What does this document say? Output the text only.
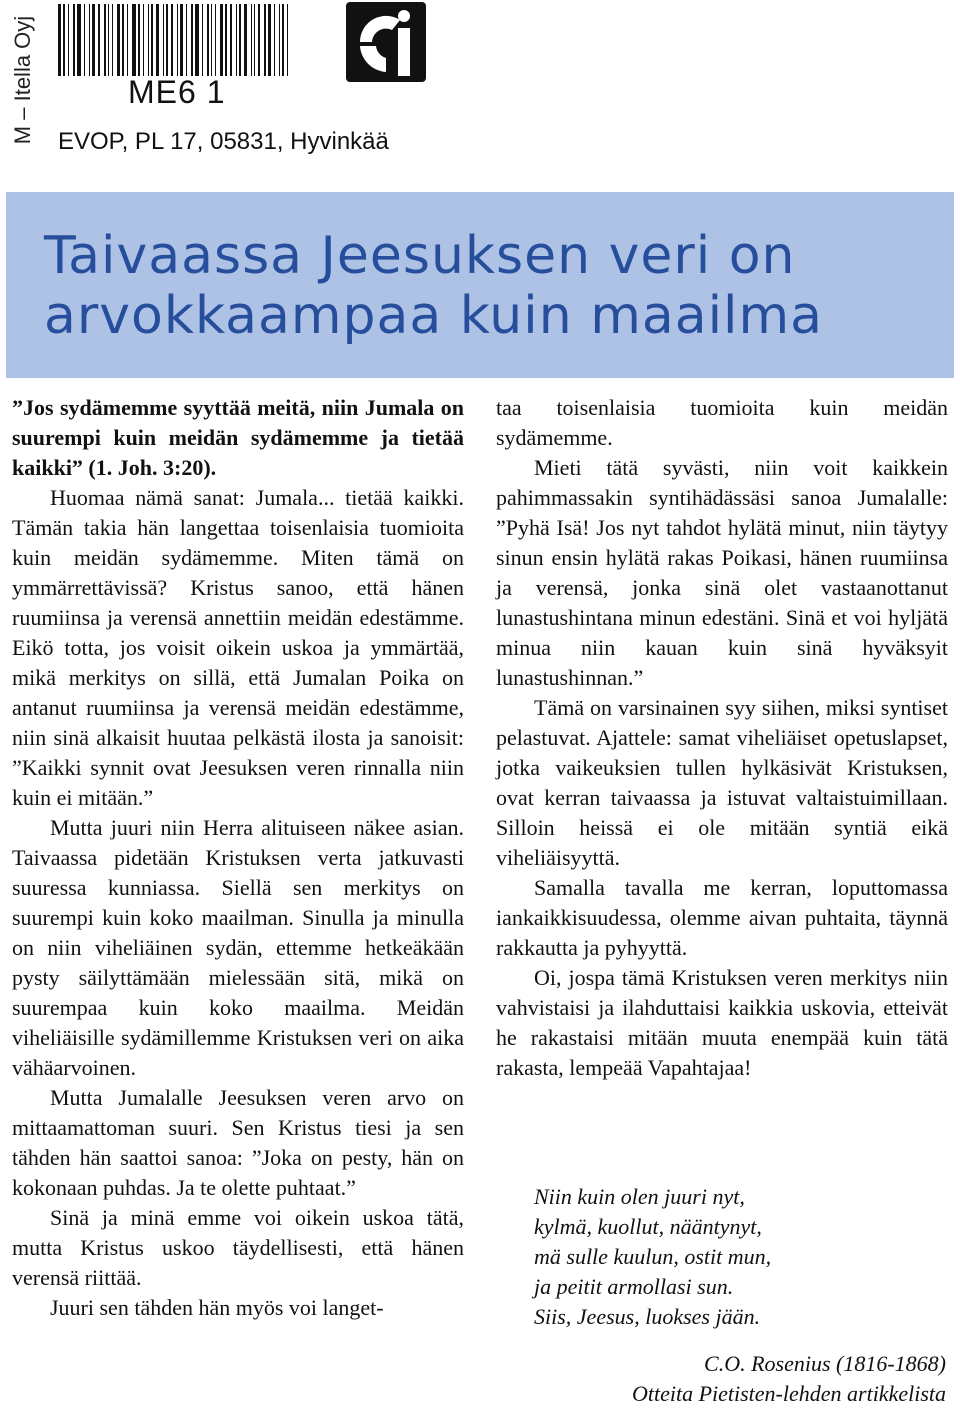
M – Itella Oyj	ME6 1
EVOP, PL 17, 05831, Hyvinkää
Taivaassa Jeesuksen veri on
arvokkaampaa kuin maailma

”Jos sydämemme syyttää meitä, niin Jumala on suurempi kuin meidän sydämemme ja tietää kaikki” (1. Joh. 3:20).

Huomaa nämä sanat: Jumala... tietää kaikki. Tämän takia hän langettaa toisenlaisia tuomioita kuin meidän sydämemme. Miten tämä on ymmärrettävissä? Kristus sanoo, että hänen ruumiinsa ja verensä annettiin meidän edestämme. Eikö totta, jos voisit oikein uskoa ja ymmärtää, mikä merkitys on sillä, että Jumalan Poika on antanut ruumiinsa ja verensä meidän edestämme, niin sinä alkaisit huutaa pelkästä ilosta ja sanoisit: ”Kaikki synnit ovat Jeesuksen veren rinnalla niin kuin ei mitään.”

Mutta juuri niin Herra alituiseen näkee asian. Taivaassa pidetään Kristuksen verta jatkuvasti suuressa kunniassa. Siellä sen merkitys on suurempi kuin koko maailman. Sinulla ja minulla on niin viheliäinen sydän, ettemme hetkeäkään pysty säilyttämään mielessään sitä, mikä on suurempaa kuin koko maailma. Meidän viheliäisille sydämillemme Kristuksen veri on aika vähäarvoinen.

Mutta Jumalalle Jeesuksen veren arvo on mittaamattoman suuri. Sen Kristus tiesi ja sen tähden hän saattoi sanoa: ”Joka on pesty, hän on kokonaan puhdas. Ja te olette puhtaat.”

Sinä ja minä emme voi oikein uskoa tätä, mutta Kristus uskoo täydellisesti, että hänen verensä riittää.

Juuri sen tähden hän myös voi langet-

taa toisenlaisia tuomioita kuin meidän sydämemme.

Mieti tätä syvästi, niin voit kaikkein pahimmassakin syntihädässäsi sanoa Jumalalle: ”Pyhä Isä! Jos nyt tahdot hylätä minut, niin täytyy sinun ensin hylätä rakas Poikasi, hänen ruumiinsa ja verensä, jonka sinä olet vastaanottanut lunastushintana minun edestäni. Sinä et voi hyljätä minua niin kauan kuin sinä hyväksyit lunastushinnan.”

Tämä on varsinainen syy siihen, miksi syntiset pelastuvat. Ajattele: samat viheliäiset opetuslapset, jotka vaikeuksien tullen hylkäsivät Kristuksen, ovat kerran taivaassa ja istuvat valtaistuimillaan. Silloin heissä ei ole mitään syntiä eikä viheliäisyyttä.

Samalla tavalla me kerran, loputtomassa iankaikkisuudessa, olemme aivan puhtaita, täynnä rakkautta ja pyhyyttä.

Oi, jospa tämä Kristuksen veren merkitys niin vahvistaisi ja ilahduttaisi kaikkia uskovia, etteivät he rakastaisi mitään muuta enempää kuin tätä rakasta, lempeää Vapahtajaa!

Niin kuin olen juuri nyt,
kylmä, kuollut, nääntynyt,
mä sulle kuulun, ostit mun,
ja peitit armollasi sun.
Siis, Jeesus, luokses jään.
C.O. Rosenius (1816-1868)
Otteita Pietisten-lehden artikkelista
